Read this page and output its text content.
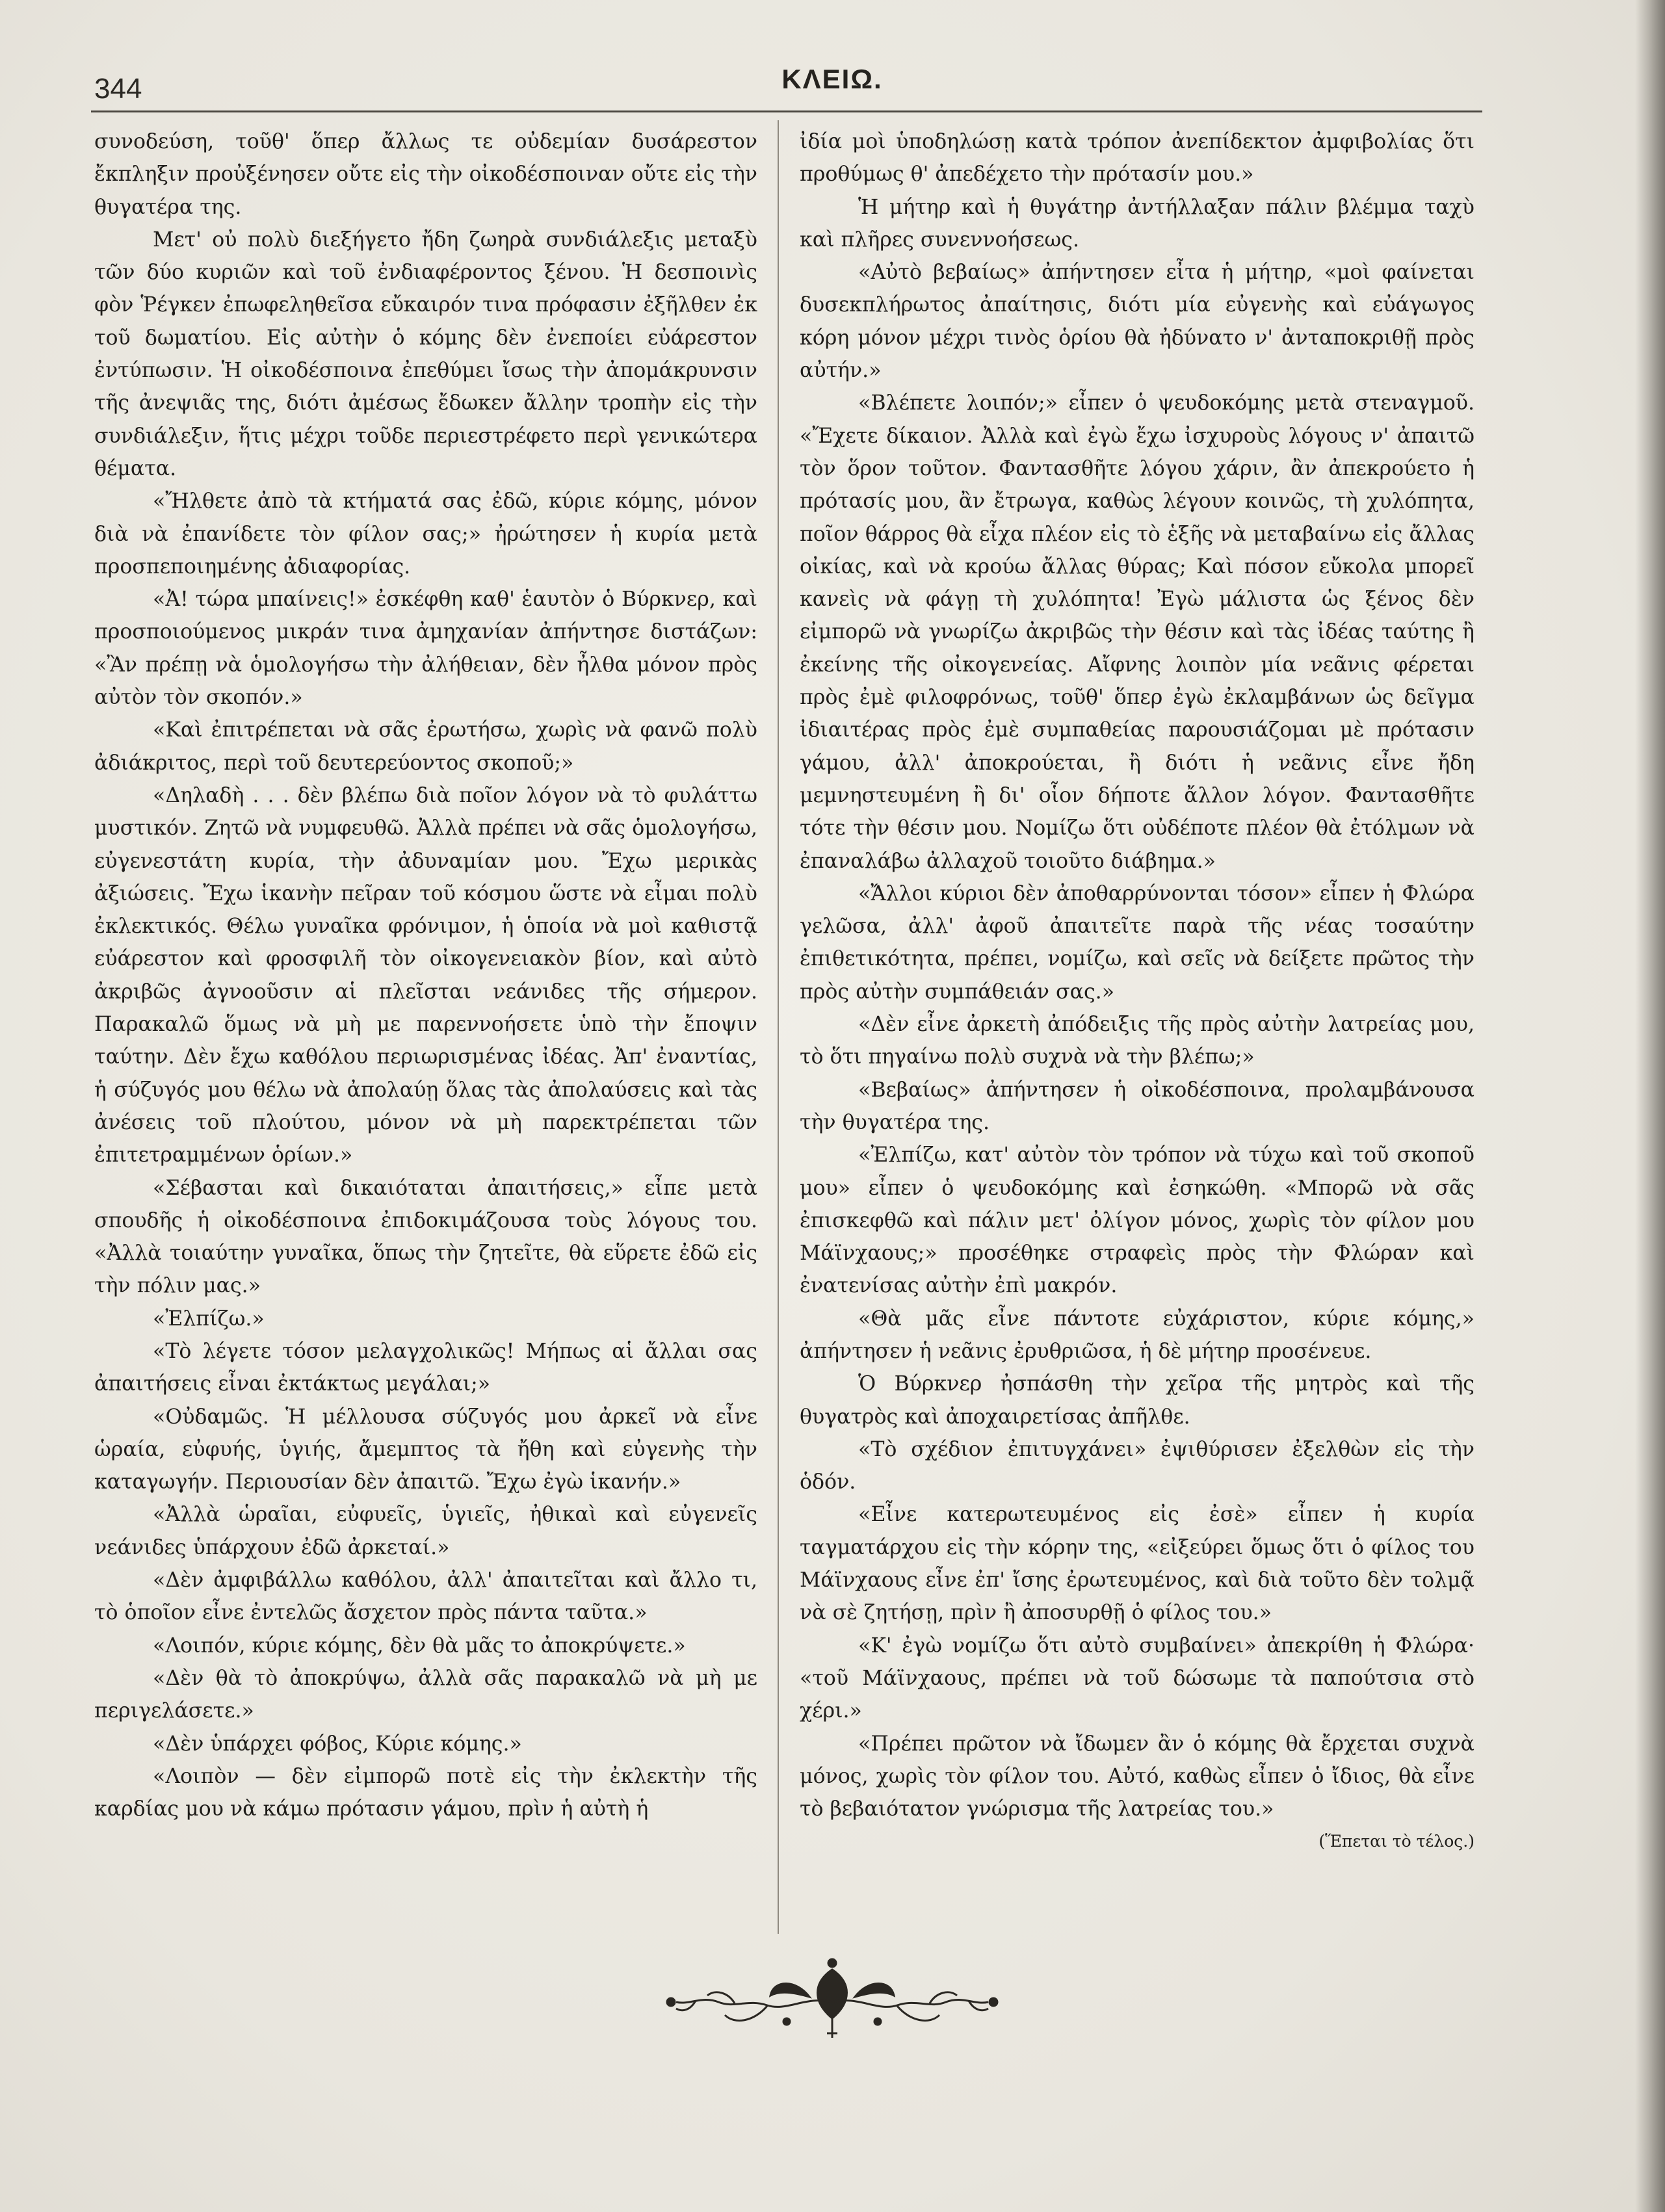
344	ΚΛΕΙΩ.

συνοδεύση, τοῦθ' ὅπερ ἄλλως τε οὐδεμίαν δυσάρεστον ἔκπληξιν προὐξένησεν οὔτε εἰς τὴν οἰκοδέσποιναν οὔτε εἰς τὴν θυγατέρα της.

Μετ' οὐ πολὺ διεξήγετο ἤδη ζωηρὰ συνδιάλεξις μεταξὺ τῶν δύο κυριῶν καὶ τοῦ ἐνδιαφέροντος ξένου. Ἡ δεσποινὶς φὸν Ῥέγκεν ἐπωφεληθεῖσα εὔκαιρόν τινα πρόφασιν ἐξῆλθεν ἐκ τοῦ δωματίου. Εἰς αὐτὴν ὁ κόμης δὲν ἐνεποίει εὐάρεστον ἐντύπωσιν. Ἡ οἰκοδέσποινα ἐπεθύμει ἴσως τὴν ἀπομάκρυνσιν τῆς ἀνεψιᾶς της, διότι ἀμέσως ἔδωκεν ἄλλην τροπὴν εἰς τὴν συνδιάλεξιν, ἥτις μέχρι τοῦδε περιεστρέφετο περὶ γενικώτερα θέματα.

«Ἤλθετε ἀπὸ τὰ κτήματά σας ἐδῶ, κύριε κόμης, μόνον διὰ νὰ ἐπανίδετε τὸν φίλον σας;» ἠρώτησεν ἡ κυρία μετὰ προσπεποιημένης ἀδιαφορίας.

«Ἀ! τώρα μπαίνεις!» ἐσκέφθη καθ' ἑαυτὸν ὁ Βύρκνερ, καὶ προσποιούμενος μικράν τινα ἀμηχανίαν ἀπήντησε διστάζων: «Ἂν πρέπῃ νὰ ὁμολογήσω τὴν ἀλήθειαν, δὲν ἦλθα μόνον πρὸς αὐτὸν τὸν σκοπόν.»

«Καὶ ἐπιτρέπεται νὰ σᾶς ἐρωτήσω, χωρὶς νὰ φανῶ πολὺ ἀδιάκριτος, περὶ τοῦ δευτερεύοντος σκοποῦ;»

«Δηλαδὴ . . . δὲν βλέπω διὰ ποῖον λόγον νὰ τὸ φυλάττω μυστικόν. Ζητῶ νὰ νυμφευθῶ. Ἀλλὰ πρέπει νὰ σᾶς ὁμολογήσω, εὐγενεστάτη κυρία, τὴν ἀδυναμίαν μου. Ἔχω μερικὰς ἀξιώσεις. Ἔχω ἱκανὴν πεῖραν τοῦ κόσμου ὥστε νὰ εἶμαι πολὺ ἐκλεκτικός. Θέλω γυναῖκα φρόνιμον, ἡ ὁποία νὰ μοὶ καθιστᾷ εὐάρεστον καὶ φροσφιλῆ τὸν οἰκογενειακὸν βίον, καὶ αὐτὸ ἀκριβῶς ἀγνοοῦσιν αἱ πλεῖσται νεάνιδες τῆς σήμερον. Παρακαλῶ ὅμως νὰ μὴ με παρεννοήσετε ὑπὸ τὴν ἔποψιν ταύτην. Δὲν ἔχω καθόλου περιωρισμένας ἰδέας. Ἀπ' ἐναντίας, ἡ σύζυγός μου θέλω νὰ ἀπολαύῃ ὅλας τὰς ἀπολαύσεις καὶ τὰς ἀνέσεις τοῦ πλούτου, μόνον νὰ μὴ παρεκτρέπεται τῶν ἐπιτετραμμένων ὁρίων.»

«Σέβασται καὶ δικαιόταται ἀπαιτήσεις,» εἶπε μετὰ σπουδῆς ἡ οἰκοδέσποινα ἐπιδοκιμάζουσα τοὺς λόγους του. «Ἀλλὰ τοιαύτην γυναῖκα, ὅπως τὴν ζητεῖτε, θὰ εὕρετε ἐδῶ εἰς τὴν πόλιν μας.»

«Ἐλπίζω.»

«Τὸ λέγετε τόσον μελαγχολικῶς! Μήπως αἱ ἄλλαι σας ἀπαιτήσεις εἶναι ἐκτάκτως μεγάλαι;»

«Οὐδαμῶς. Ἡ μέλλουσα σύζυγός μου ἀρκεῖ νὰ εἶνε ὡραία, εὐφυής, ὑγιής, ἄμεμπτος τὰ ἤθη καὶ εὐγενὴς τὴν καταγωγήν. Περιουσίαν δὲν ἀπαιτῶ. Ἔχω ἐγὼ ἱκανήν.»

«Ἀλλὰ ὡραῖαι, εὐφυεῖς, ὑγιεῖς, ἠθικαὶ καὶ εὐγενεῖς νεάνιδες ὑπάρχουν ἐδῶ ἀρκεταί.»

«Δὲν ἀμφιβάλλω καθόλου, ἀλλ' ἀπαιτεῖται καὶ ἄλλο τι, τὸ ὁποῖον εἶνε ἐντελῶς ἄσχετον πρὸς πάντα ταῦτα.»

«Λοιπόν, κύριε κόμης, δὲν θὰ μᾶς το ἀποκρύψετε.»

«Δὲν θὰ τὸ ἀποκρύψω, ἀλλὰ σᾶς παρακαλῶ νὰ μὴ με περιγελάσετε.»

«Δὲν ὑπάρχει φόβος, Κύριε κόμης.»

«Λοιπὸν — δὲν εἰμπορῶ ποτὲ εἰς τὴν ἐκλεκτὴν τῆς καρδίας μου νὰ κάμω πρότασιν γάμου, πρὶν ἡ αὐτὴ ἡ

ἰδία μοὶ ὑποδηλώσῃ κατὰ τρόπον ἀνεπίδεκτον ἀμφιβολίας ὅτι προθύμως θ' ἀπεδέχετο τὴν πρότασίν μου.»

Ἡ μήτηρ καὶ ἡ θυγάτηρ ἀντήλλαξαν πάλιν βλέμμα ταχὺ καὶ πλῆρες συνεννοήσεως.

«Αὐτὸ βεβαίως» ἀπήντησεν εἶτα ἡ μήτηρ, «μοὶ φαίνεται δυσεκπλήρωτος ἀπαίτησις, διότι μία εὐγενὴς καὶ εὐάγωγος κόρη μόνον μέχρι τινὸς ὁρίου θὰ ἠδύνατο ν' ἀνταποκριθῇ πρὸς αὐτήν.»

«Βλέπετε λοιπόν;» εἶπεν ὁ ψευδοκόμης μετὰ στεναγμοῦ. «Ἔχετε δίκαιον. Ἀλλὰ καὶ ἐγὼ ἔχω ἰσχυροὺς λόγους ν' ἀπαιτῶ τὸν ὅρον τοῦτον. Φαντασθῆτε λόγου χάριν, ἂν ἀπεκρούετο ἡ πρότασίς μου, ἂν ἔτρωγα, καθὼς λέγουν κοινῶς, τὴ χυλόπητα, ποῖον θάρρος θὰ εἶχα πλέον εἰς τὸ ἑξῆς νὰ μεταβαίνω εἰς ἄλλας οἰκίας, καὶ νὰ κρούω ἄλλας θύρας; Καὶ πόσον εὔκολα μπορεῖ κανεὶς νὰ φάγῃ τὴ χυλόπητα! Ἐγὼ μάλιστα ὡς ξένος δὲν εἰμπορῶ νὰ γνωρίζω ἀκριβῶς τὴν θέσιν καὶ τὰς ἰδέας ταύτης ἢ ἐκείνης τῆς οἰκογενείας. Αἴφνης λοιπὸν μία νεᾶνις φέρεται πρὸς ἐμὲ φιλοφρόνως, τοῦθ' ὅπερ ἐγὼ ἐκλαμβάνων ὡς δεῖγμα ἰδιαιτέρας πρὸς ἐμὲ συμπαθείας παρουσιάζομαι μὲ πρότασιν γάμου, ἀλλ' ἀποκρούεται, ἢ διότι ἡ νεᾶνις εἶνε ἤδη μεμνηστευμένη ἢ δι' οἷον δήποτε ἄλλον λόγον. Φαντασθῆτε τότε τὴν θέσιν μου. Νομίζω ὅτι οὐδέποτε πλέον θὰ ἐτόλμων νὰ ἐπαναλάβω ἀλλαχοῦ τοιοῦτο διάβημα.»

«Ἄλλοι κύριοι δὲν ἀποθαρρύνονται τόσον» εἶπεν ἡ Φλώρα γελῶσα, ἀλλ' ἀφοῦ ἀπαιτεῖτε παρὰ τῆς νέας τοσαύτην ἐπιθετικότητα, πρέπει, νομίζω, καὶ σεῖς νὰ δείξετε πρῶτος τὴν πρὸς αὐτὴν συμπάθειάν σας.»

«Δὲν εἶνε ἀρκετὴ ἀπόδειξις τῆς πρὸς αὐτὴν λατρείας μου, τὸ ὅτι πηγαίνω πολὺ συχνὰ νὰ τὴν βλέπω;»

«Βεβαίως» ἀπήντησεν ἡ οἰκοδέσποινα, προλαμβάνουσα τὴν θυγατέρα της.

«Ἐλπίζω, κατ' αὐτὸν τὸν τρόπον νὰ τύχω καὶ τοῦ σκοποῦ μου» εἶπεν ὁ ψευδοκόμης καὶ ἐσηκώθη. «Μπορῶ νὰ σᾶς ἐπισκεφθῶ καὶ πάλιν μετ' ὀλίγον μόνος, χωρὶς τὸν φίλον μου Μάϊνχαους;» προσέθηκε στραφεὶς πρὸς τὴν Φλώραν καὶ ἐνατενίσας αὐτὴν ἐπὶ μακρόν.

«Θὰ μᾶς εἶνε πάντοτε εὐχάριστον, κύριε κόμης,» ἀπήντησεν ἡ νεᾶνις ἐρυθριῶσα, ἡ δὲ μήτηρ προσένευε.

Ὁ Βύρκνερ ἠσπάσθη τὴν χεῖρα τῆς μητρὸς καὶ τῆς θυγατρὸς καὶ ἀποχαιρετίσας ἀπῆλθε.

«Τὸ σχέδιον ἐπιτυγχάνει» ἐψιθύρισεν ἐξελθὼν εἰς τὴν ὁδόν.

«Εἶνε κατερωτευμένος εἰς ἐσὲ» εἶπεν ἡ κυρία ταγματάρχου εἰς τὴν κόρην της, «εἰξεύρει ὅμως ὅτι ὁ φίλος του Μάϊνχαους εἶνε ἐπ' ἴσης ἐρωτευμένος, καὶ διὰ τοῦτο δὲν τολμᾷ νὰ σὲ ζητήσῃ, πρὶν ἢ ἀποσυρθῇ ὁ φίλος του.»

«Κ' ἐγὼ νομίζω ὅτι αὐτὸ συμβαίνει» ἀπεκρίθη ἡ Φλώρα· «τοῦ Μάϊνχαους, πρέπει νὰ τοῦ δώσωμε τὰ παπούτσια στὸ χέρι.»

«Πρέπει πρῶτον νὰ ἴδωμεν ἂν ὁ κόμης θὰ ἔρχεται συχνὰ μόνος, χωρὶς τὸν φίλον του. Αὐτό, καθὼς εἶπεν ὁ ἴδιος, θὰ εἶνε τὸ βεβαιότατον γνώρισμα τῆς λατρείας του.»
(Ἕπεται τὸ τέλος.)
